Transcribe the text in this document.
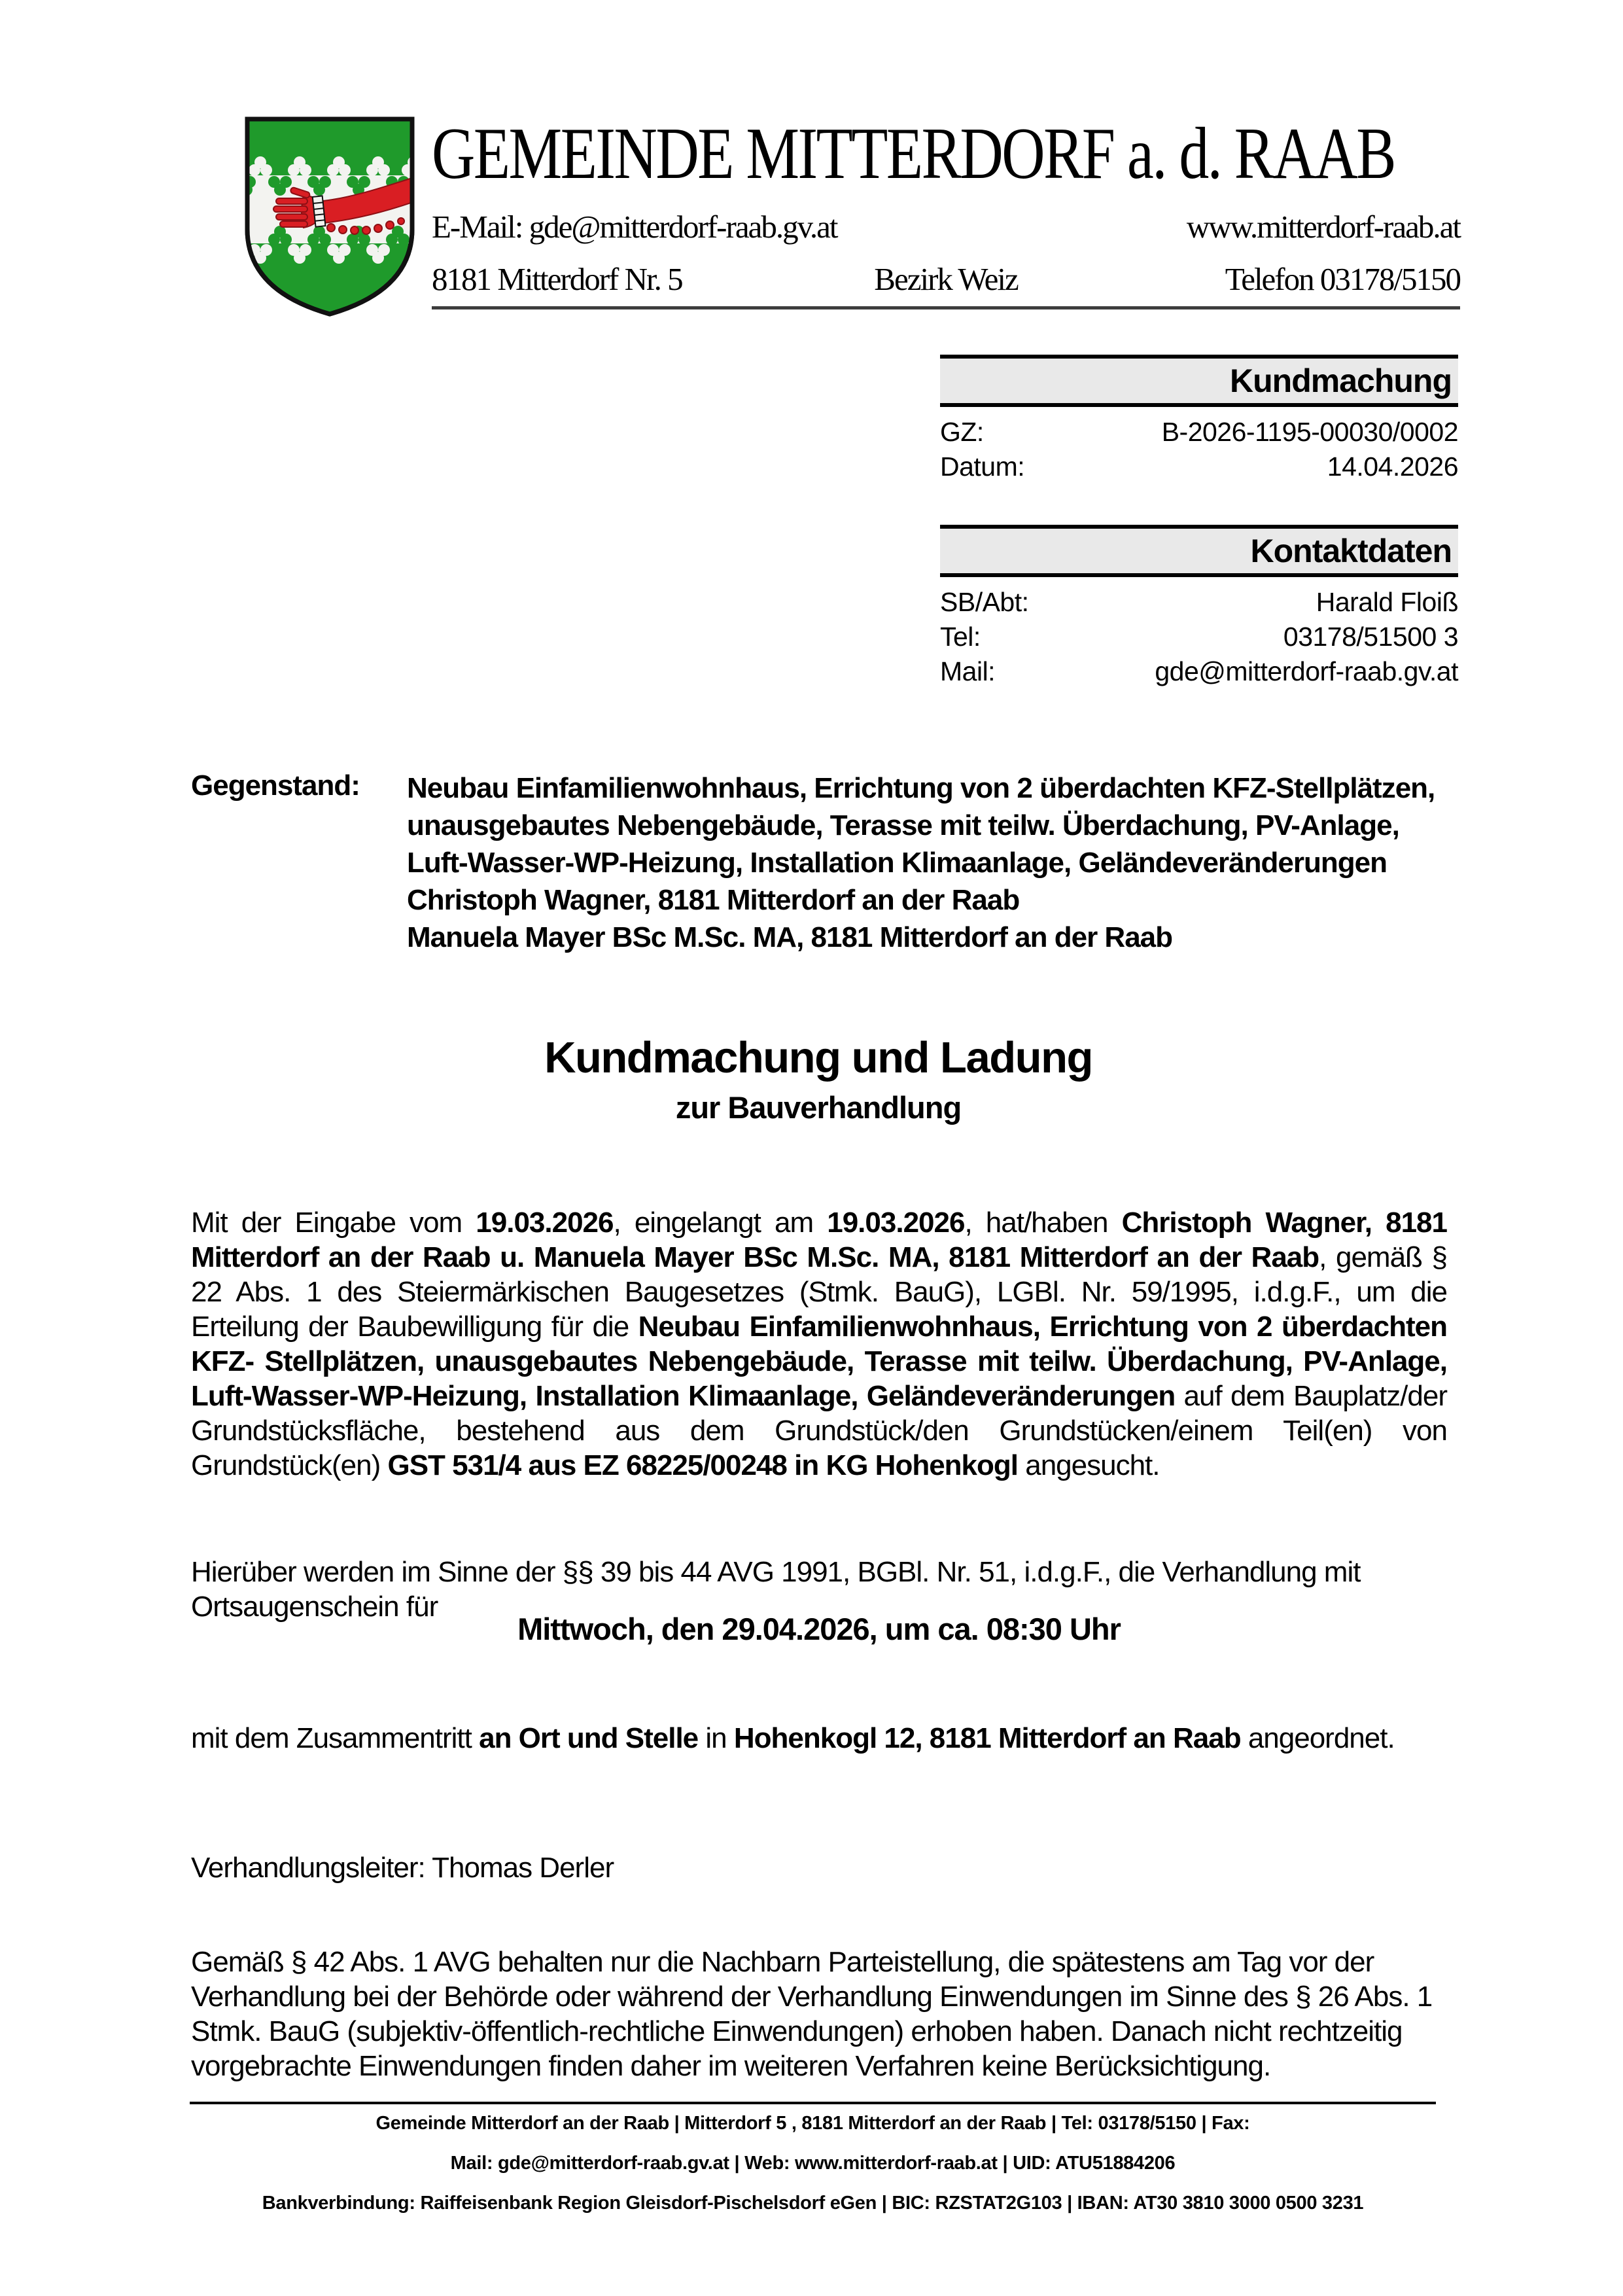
GEMEINDE MITTERDORF a. d. RAAB
E-Mail: gde@mitterdorf-raab.gv.at	www.mitterdorf-raab.at
8181 Mitterdorf Nr. 5	Bezirk Weiz	Telefon 03178/5150
Kundmachung
GZ:	B-2026-1195-00030/0002
Datum:	14.04.2026
Kontaktdaten
SB/Abt:	Harald Floiß
Tel:	03178/51500 3
Mail:	gde@mitterdorf-raab.gv.at
Gegenstand:	Neubau Einfamilienwohnhaus, Errichtung von 2 überdachten KFZ-Stellplätzen, unausgebautes Nebengebäude, Terasse mit teilw. Überdachung, PV-Anlage, Luft-Wasser-WP-Heizung, Installation Klimaanlage, Geländeveränderungen

Christoph Wagner, 8181 Mitterdorf an der Raab

Manuela Mayer BSc M.Sc. MA, 8181 Mitterdorf an der Raab

Kundmachung und Ladung
zur Bauverhandlung

Mit der Eingabe vom 19.03.2026, eingelangt am 19.03.2026, hat/haben Christoph Wagner, 8181 Mitterdorf an der Raab u. Manuela Mayer BSc M.Sc. MA, 8181 Mitterdorf an der Raab, gemäß § 22 Abs. 1 des Steiermärkischen Baugesetzes (Stmk. BauG), LGBl. Nr. 59/1995, i.d.g.F., um die Erteilung der Baubewilligung für die Neubau Einfamilienwohnhaus, Errichtung von 2 überdachten KFZ- Stellplätzen, unausgebautes Nebengebäude, Terasse mit teilw. Überdachung, PV-Anlage, Luft-Wasser-WP-Heizung, Installation Klimaanlage, Geländeveränderungen auf dem Bauplatz/der Grundstücksfläche, bestehend aus dem Grundstück/den Grundstücken/einem Teil(en) von Grundstück(en) GST 531/4 aus EZ 68225/00248 in KG Hohenkogl angesucht.

Hierüber werden im Sinne der §§ 39 bis 44 AVG 1991, BGBl. Nr. 51, i.d.g.F., die Verhandlung mit Ortsaugenschein für

Mittwoch, den 29.04.2026, um ca. 08:30 Uhr

mit dem Zusammentritt an Ort und Stelle in Hohenkogl 12, 8181 Mitterdorf an Raab angeordnet.

Verhandlungsleiter: Thomas Derler

Gemäß § 42 Abs. 1 AVG behalten nur die Nachbarn Parteistellung, die spätestens am Tag vor der Verhandlung bei der Behörde oder während der Verhandlung Einwendungen im Sinne des § 26 Abs. 1 Stmk. BauG (subjektiv-öffentlich-rechtliche Einwendungen) erhoben haben. Danach nicht rechtzeitig vorgebrachte Einwendungen finden daher im weiteren Verfahren keine Berücksichtigung.

Gemeinde Mitterdorf an der Raab | Mitterdorf 5 , 8181 Mitterdorf an der Raab | Tel: 03178/5150 | Fax:

Mail: gde@mitterdorf-raab.gv.at | Web: www.mitterdorf-raab.at | UID: ATU51884206

Bankverbindung: Raiffeisenbank Region Gleisdorf-Pischelsdorf eGen | BIC: RZSTAT2G103 | IBAN: AT30 3810 3000 0500 3231
